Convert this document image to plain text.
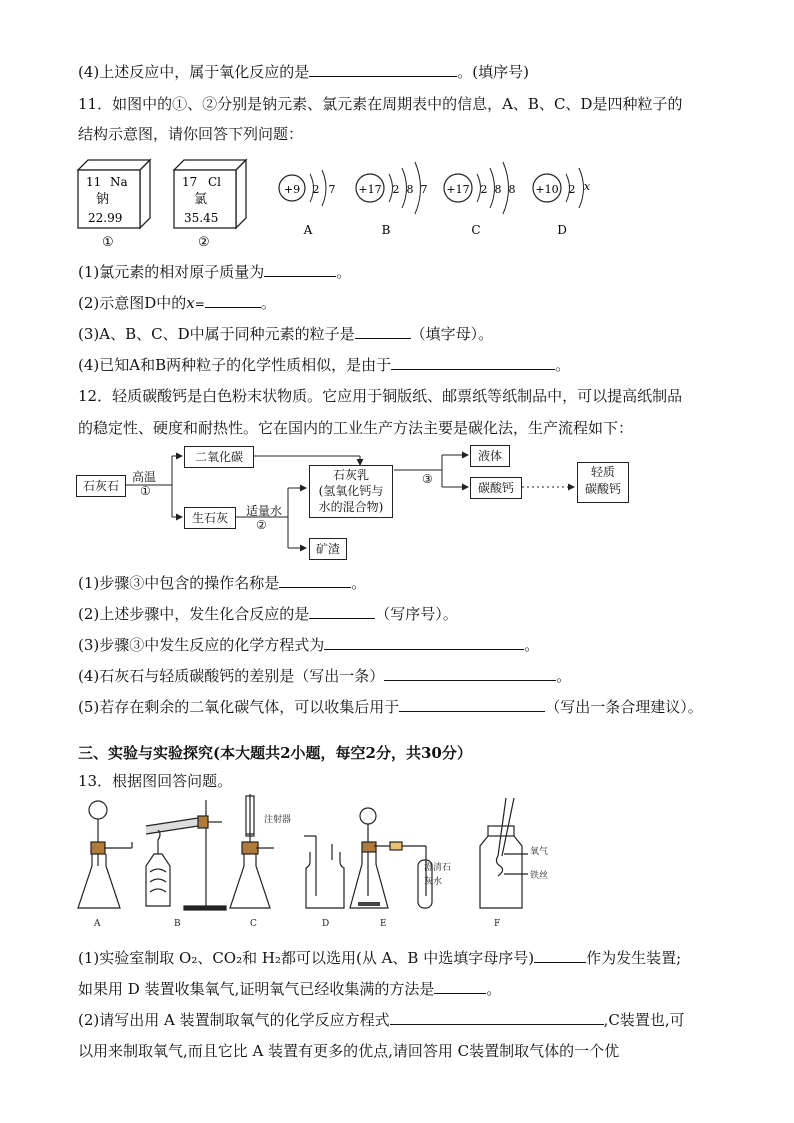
(4)上述反应中，属于氧化反应的是	。(填序号)
11．如图中的①、②分别是钠元素、氯元素在周期表中的信息，A、B、C、D是四种粒子的
结构示意图，请你回答下列问题：
11 Na
钠
22.99
①
17 Cl
氯
35.45
②
+9 2 7
A
+17 2 8 7
B
+17 2 8 8
C
+10 2 x
D
(1)氯元素的相对原子质量为	。
(2)示意图D中的x=	。
(3)A、B、C、D中属于同种元素的粒子是	（填字母）。
(4)已知A和B两种粒子的化学性质相似，是由于	。
12．轻质碳酸钙是白色粉末状物质。它应用于铜版纸、邮票纸等纸制品中，可以提高纸制品
的稳定性、硬度和耐热性。它在国内的工业生产方法主要是碳化法，生产流程如下：
石灰石
高温
①
二氧化碳
生石灰	适量水
②
石灰乳
(氢氧化钙与
水的混合物)
③
液体
碳酸钙
轻质
碳酸钙
矿渣
(1)步骤③中包含的操作名称是	。
(2)上述步骤中，发生化合反应的是	（写序号）。
(3)步骤③中发生反应的化学方程式为	。
(4)石灰石与轻质碳酸钙的差别是（写出一条）	。
(5)若存在剩余的二氧化碳气体，可以收集后用于	（写出一条合理建议）。
三、实验与实验探究(本大题共2小题，每空2分，共30分）
13．根据图回答问题。
A	B
注射器
C	D
澄清石
灰水
E
氧气
铁丝
F
(1)实验室制取 O₂、CO₂和 H₂都可以选用(从 A、B 中选填字母序号)	作为发生装置;
如果用 D 装置收集氧气,证明氧气已经收集满的方法是	。
(2)请写出用 A 装置制取氧气的化学反应方程式	,C装置也,可
以用来制取氧气,而且它比 A 装置有更多的优点,请回答用 C装置制取气体的一个优
